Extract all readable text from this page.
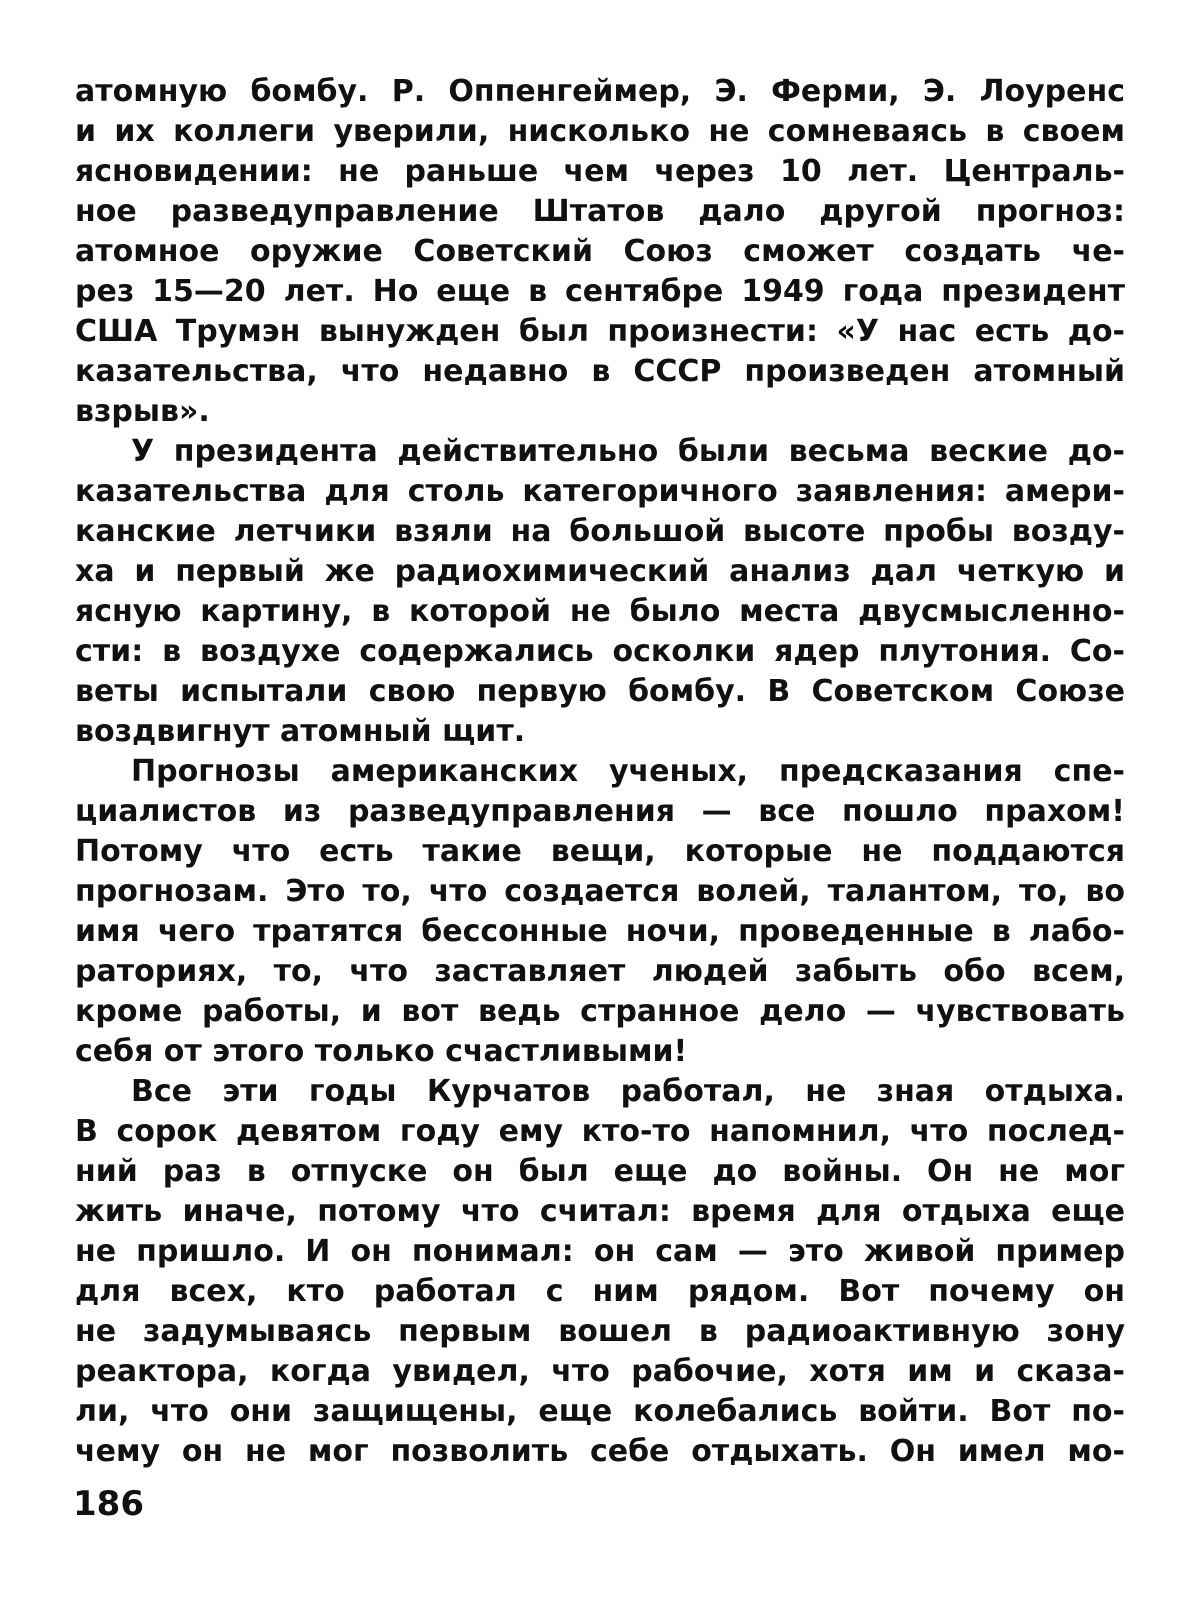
атомную бомбу. Р. Оппенгеймер, Э. Ферми, Э. Лоуренс
и их коллеги уверили, нисколько не сомневаясь в своем
ясновидении: не раньше чем через 10 лет. Централь-
ное разведуправление Штатов дало другой прогноз:
атомное оружие Советский Союз сможет создать че-
рез 15—20 лет. Но еще в сентябре 1949 года президент
США Трумэн вынужден был произнести: «У нас есть до-
казательства, что недавно в СССР произведен атомный
взрыв».
У президента действительно были весьма веские до-
казательства для столь категоричного заявления: амери-
канские летчики взяли на большой высоте пробы возду-
ха и первый же радиохимический анализ дал четкую и
ясную картину, в которой не было места двусмысленно-
сти: в воздухе содержались осколки ядер плутония. Со-
веты испытали свою первую бомбу. В Советском Союзе
воздвигнут атомный щит.
Прогнозы американских ученых, предсказания спе-
циалистов из разведуправления — все пошло прахом!
Потому что есть такие вещи, которые не поддаются
прогнозам. Это то, что создается волей, талантом, то, во
имя чего тратятся бессонные ночи, проведенные в лабо-
раториях, то, что заставляет людей забыть обо всем,
кроме работы, и вот ведь странное дело — чувствовать
себя от этого только счастливыми!
Все эти годы Курчатов работал, не зная отдыха.
В сорок девятом году ему кто-то напомнил, что послед-
ний раз в отпуске он был еще до войны. Он не мог
жить иначе, потому что считал: время для отдыха еще
не пришло. И он понимал: он сам — это живой пример
для всех, кто работал с ним рядом. Вот почему он
не задумываясь первым вошел в радиоактивную зону
реактора, когда увидел, что рабочие, хотя им и сказа-
ли, что они защищены, еще колебались войти. Вот по-
чему он не мог позволить себе отдыхать. Он имел мо-
186
